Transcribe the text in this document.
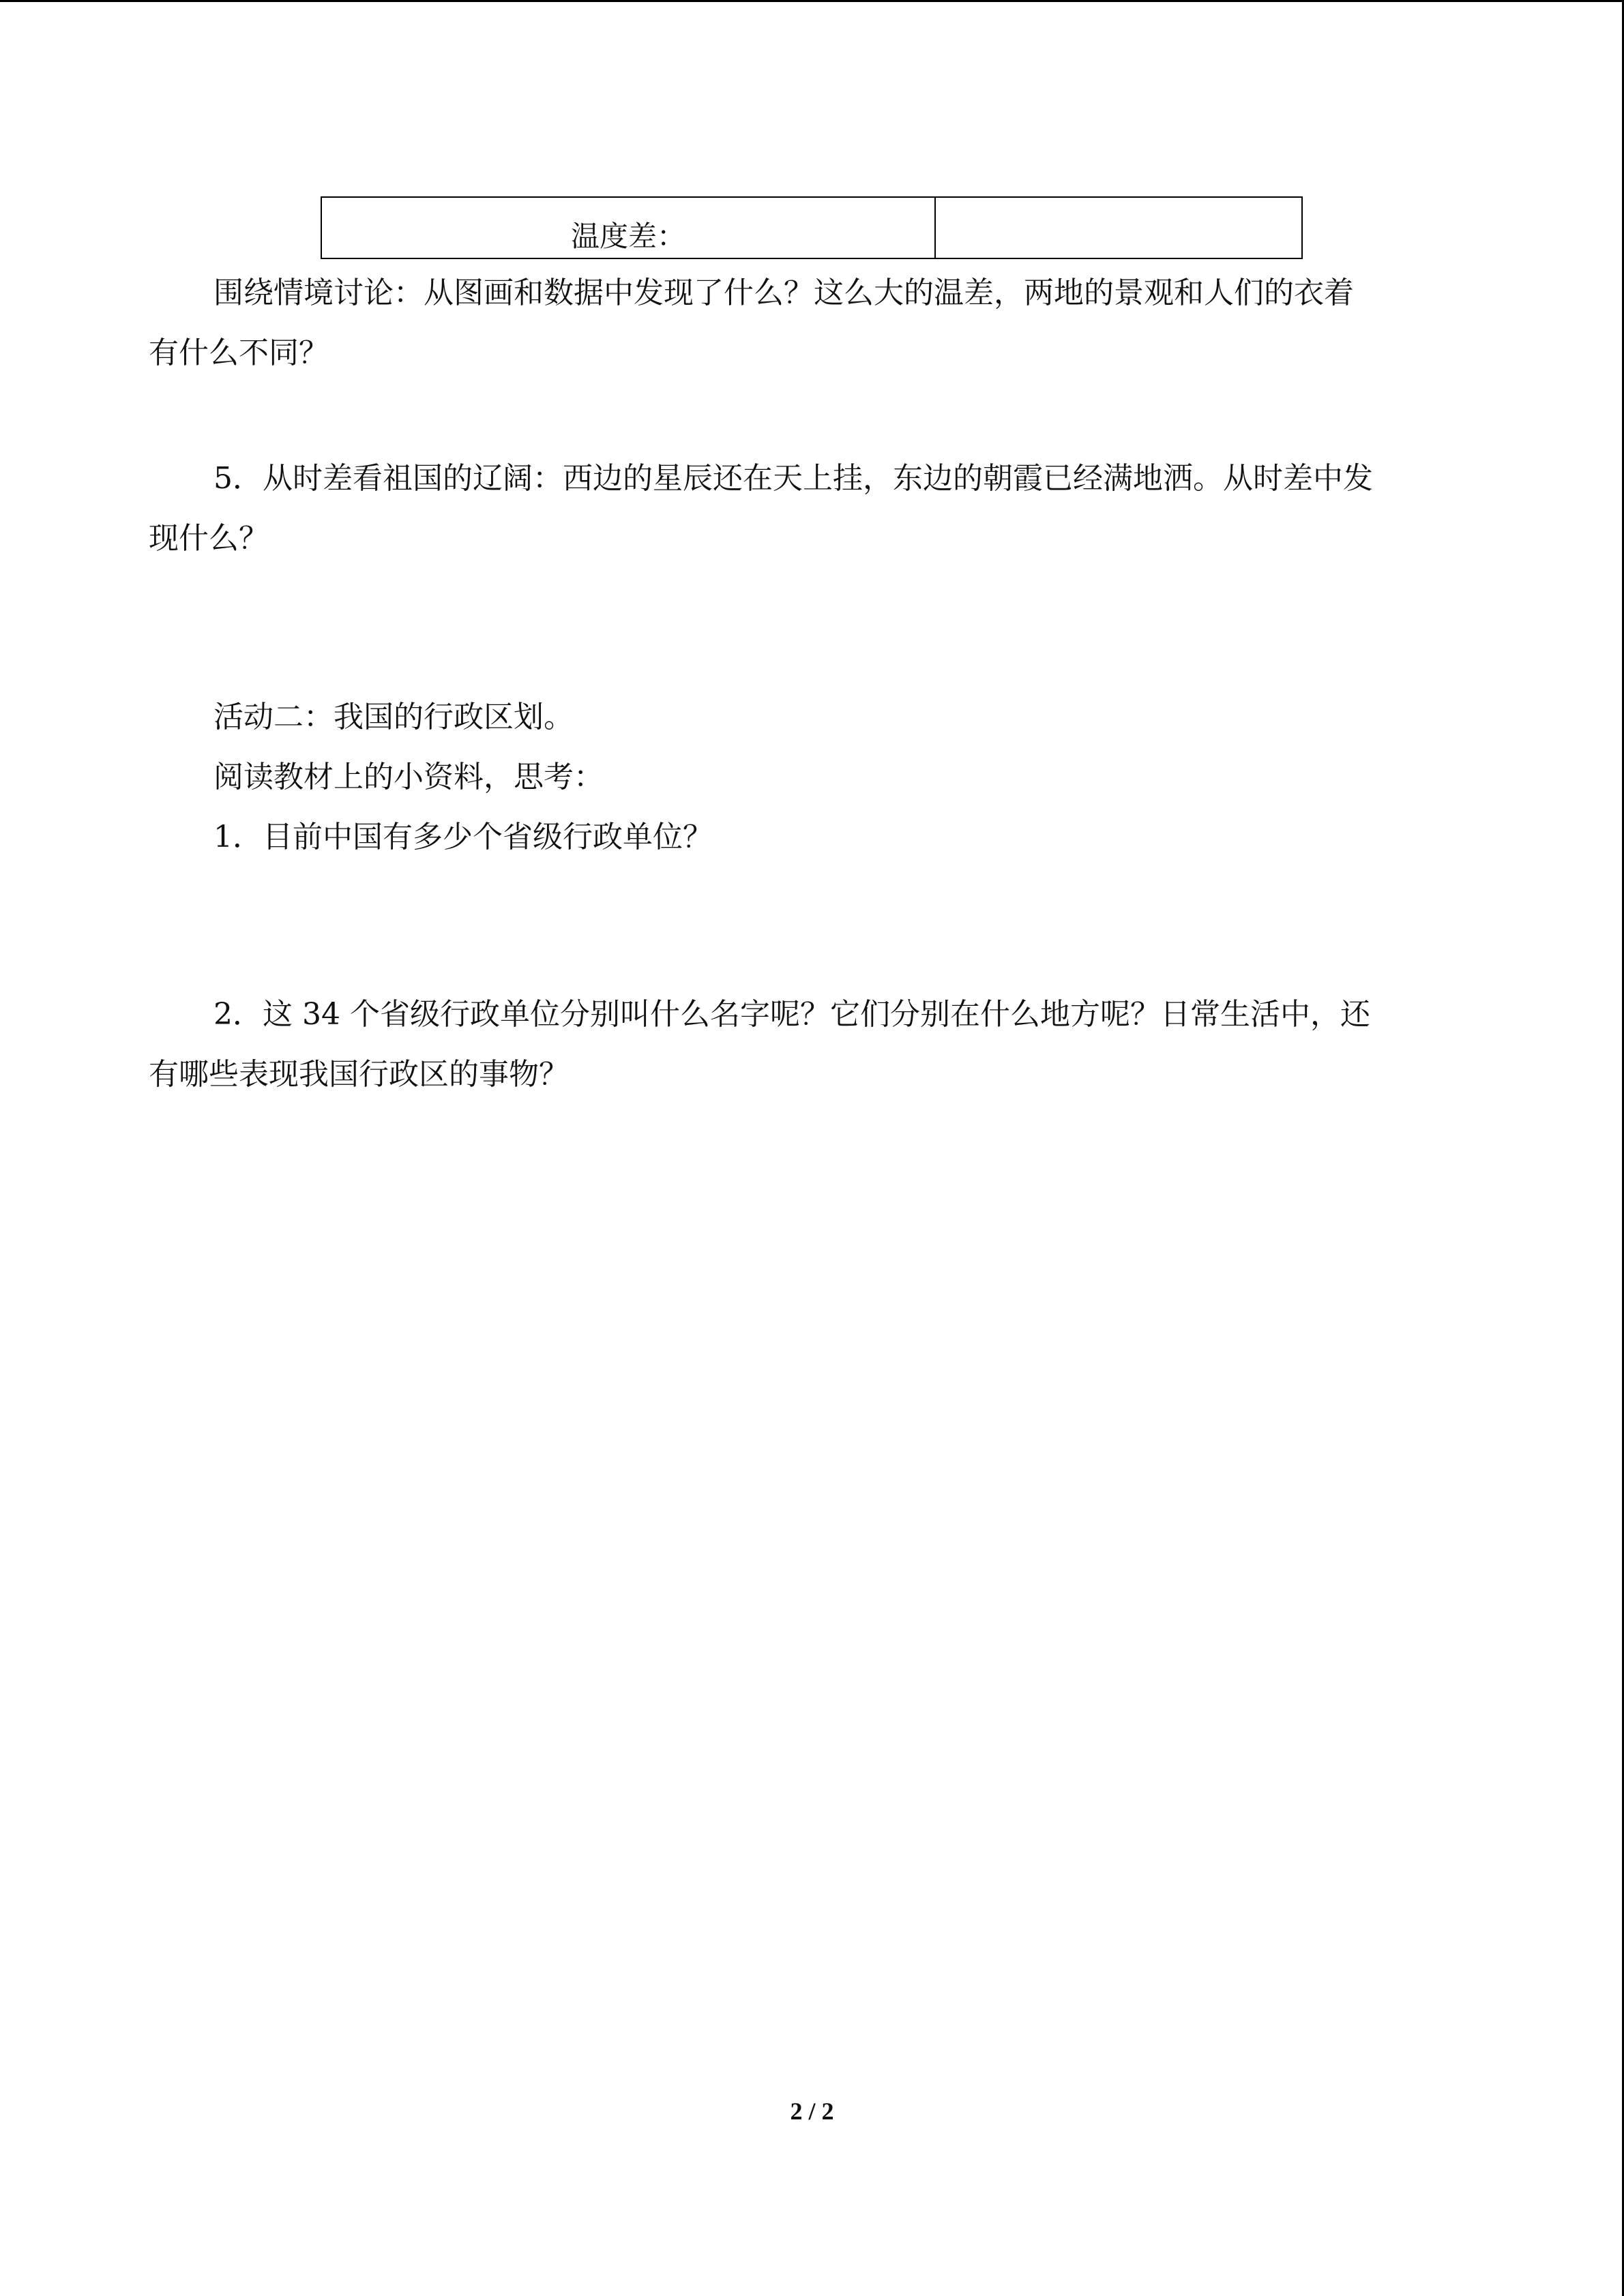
温度差：
围绕情境讨论：从图画和数据中发现了什么？这么大的温差，两地的景观和人们的衣着
有什么不同？
5．从时差看祖国的辽阔：西边的星辰还在天上挂，东边的朝霞已经满地洒。从时差中发
现什么？
活动二：我国的行政区划。
阅读教材上的小资料，思考：
1．目前中国有多少个省级行政单位？
2．这 34 个省级行政单位分别叫什么名字呢？它们分别在什么地方呢？日常生活中，还
有哪些表现我国行政区的事物？
2 / 2
